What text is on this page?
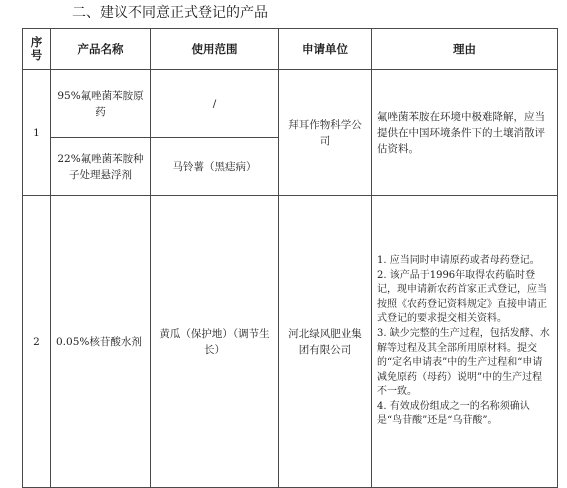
二、建议不同意正式登记的产品
序
号	产品名称	使用范围	申请单位	理由
1	95%氟唑菌苯胺原药	/	拜耳作物科学公司	氟唑菌苯胺在环境中极难降解，应当提供在中国环境条件下的土壤消散评估资料。
	22%氟唑菌苯胺种子处理悬浮剂	马铃薯（黑痣病）		
2	0.05%核苷酸水剂	黄瓜（保护地）（调节生长）	河北绿风肥业集团有限公司	1. 应当同时申请原药或者母药登记。
2. 该产品于1996年取得农药临时登记，现申请新农药首家正式登记，应当按照《农药登记资料规定》直接申请正式登记的要求提交相关资料。
3. 缺少完整的生产过程，包括发酵、水解等过程及其全部所用原材料。提交的“定名申请表”中的生产过程和“申请减免原药（母药）说明”中的生产过程不一致。
4. 有效成份组成之一的名称须确认是“鸟苷酸”还是“乌苷酸”。
